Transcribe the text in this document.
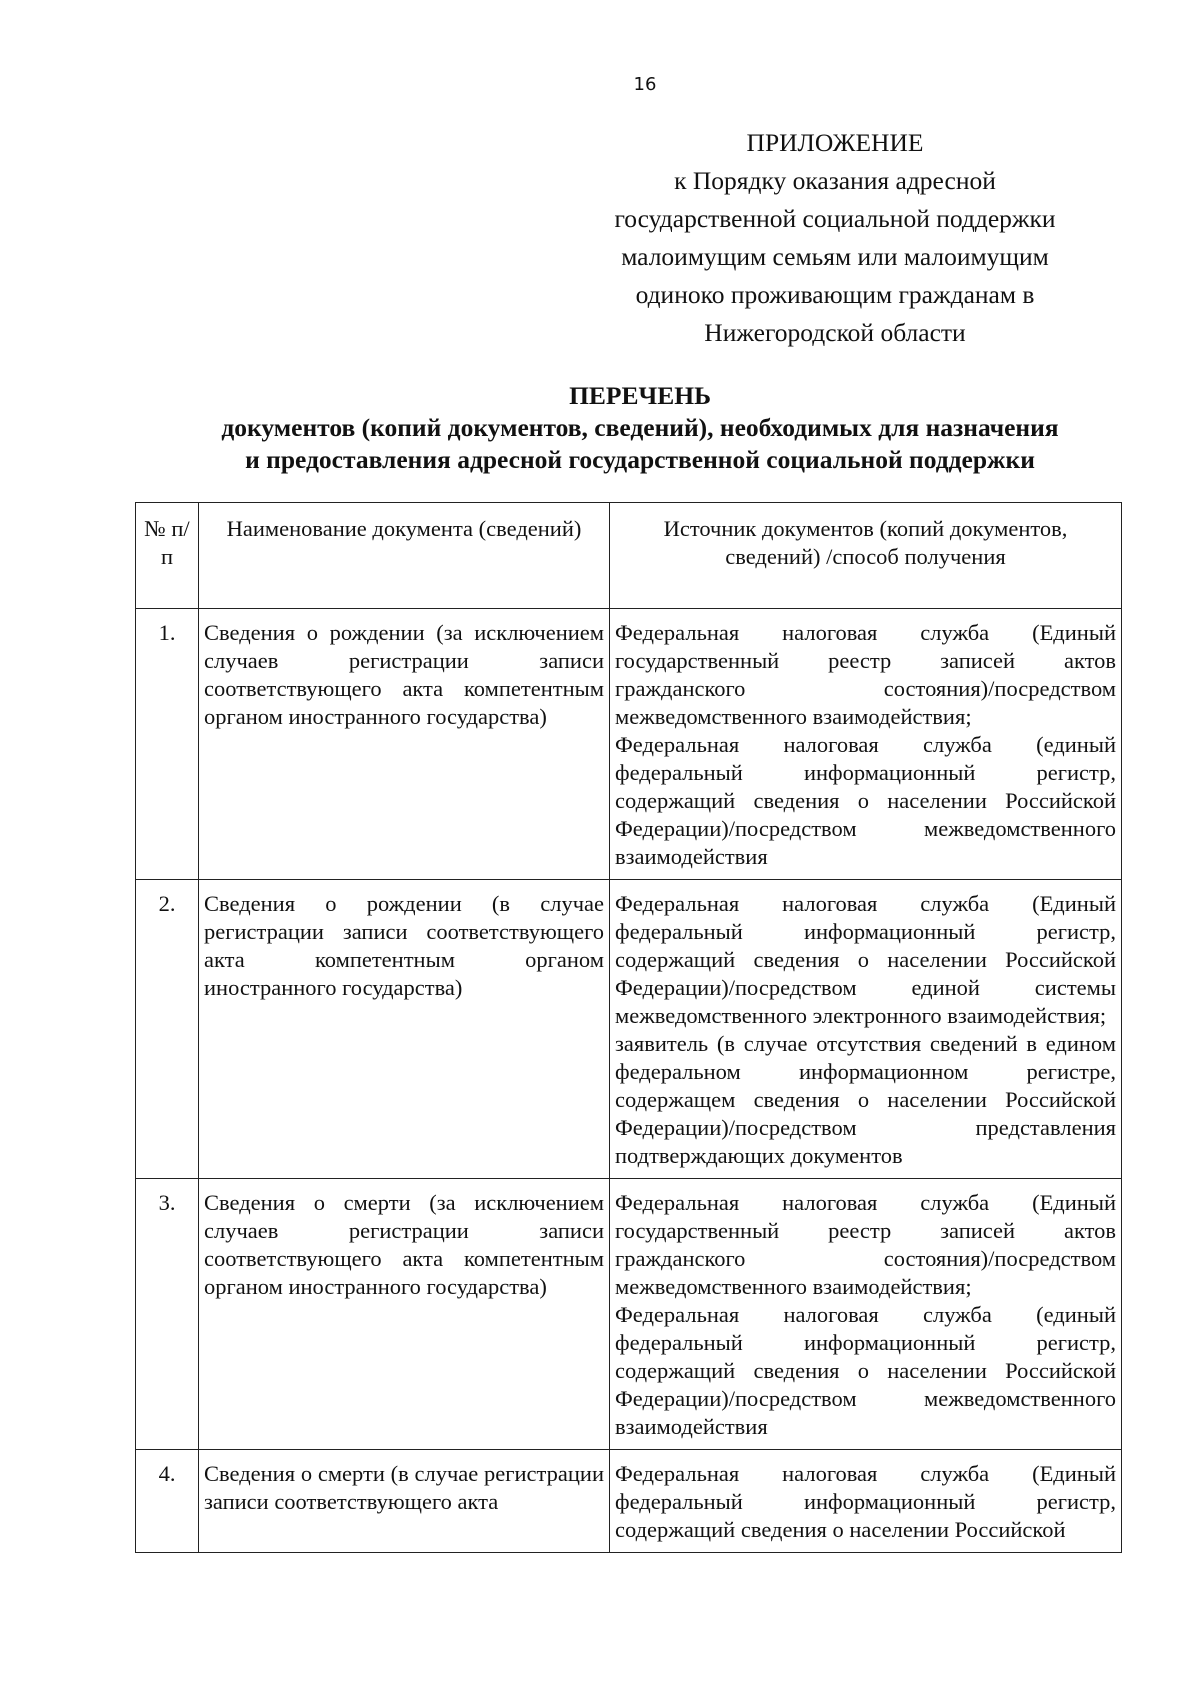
16
ПРИЛОЖЕНИЕ
к Порядку оказания адресной
государственной социальной поддержки
малоимущим семьям или малоимущим
одиноко проживающим гражданам в
Нижегородской области
ПЕРЕЧЕНЬ
документов (копий документов, сведений), необходимых для назначения
и предоставления адресной государственной социальной поддержки
№ п/п	Наименование документа (сведений)	Источник документов (копий документов, сведений) /способ получения
1.	Сведения о рождении (за исключением случаев регистрации записи соответствующего акта компетентным органом иностранного государства)	Федеральная налоговая служба (Единый государственный реестр записей актов гражданского состояния)/посредством межведомственного взаимодействия;
Федеральная налоговая служба (единый федеральный информационный регистр, содержащий сведения о населении Российской Федерации)/посредством межведомственного взаимодействия

2.	Сведения о рождении (в случае регистрации записи соответствующего акта компетентным органом иностранного государства)	Федеральная налоговая служба (Единый федеральный информационный регистр, содержащий сведения о населении Российской Федерации)/посредством единой системы межведомственного электронного взаимодействия;
заявитель (в случае отсутствия сведений в едином федеральном информационном регистре, содержащем сведения о населении Российской Федерации)/посредством представления подтверждающих документов

3.	Сведения о смерти (за исключением случаев регистрации записи соответствующего акта компетентным органом иностранного государства)	Федеральная налоговая служба (Единый государственный реестр записей актов гражданского состояния)/посредством межведомственного взаимодействия;
Федеральная налоговая служба (единый федеральный информационный регистр, содержащий сведения о населении Российской Федерации)/посредством межведомственного взаимодействия

4.	Сведения о смерти (в случае регистрации записи соответствующего акта	Федеральная налоговая служба (Единый федеральный информационный регистр, содержащий сведения о населении Российской
